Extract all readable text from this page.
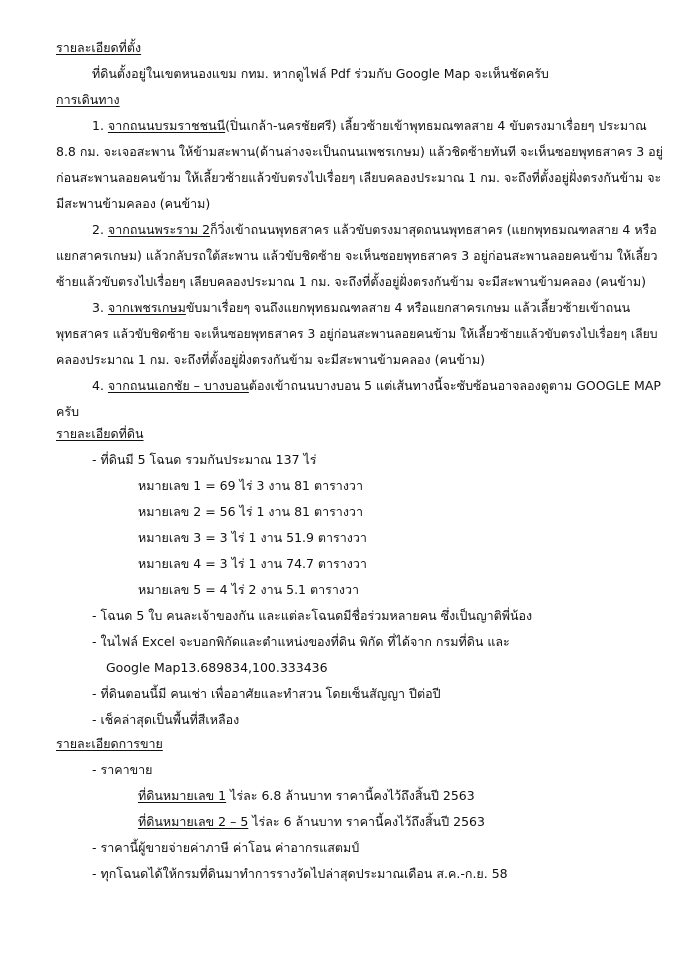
รายละเอียดที่ตั้ง
ที่ดินตั้งอยู่ในเขตหนองแขม กทม. หากดูไฟล์ Pdf ร่วมกับ Google Map จะเห็นชัดครับ
การเดินทาง
1. จากถนนบรมราชชนนี (ปิ่นเกล้า-นครชัยศรี) เลี้ยวซ้ายเข้าพุทธมณฑลสาย 4 ขับตรงมาเรื่อยๆ ประมาณ
8.8 กม. จะเจอสะพาน ให้ข้ามสะพาน(ด้านล่างจะเป็นถนนเพชรเกษม) แล้วชิดซ้ายทันที จะเห็นซอยพุทธสาคร 3 อยู่
ก่อนสะพานลอยคนข้าม ให้เลี้ยวซ้ายแล้วขับตรงไปเรื่อยๆ เลียบคลองประมาณ 1 กม. จะถึงที่ตั้งอยู่ฝั่งตรงกันข้าม จะ
มีสะพานข้ามคลอง (คนข้าม)
2. จากถนนพระราม 2 ก็วิ่งเข้าถนนพุทธสาคร แล้วขับตรงมาสุดถนนพุทธสาคร (แยกพุทธมณฑลสาย 4 หรือ
แยกสาครเกษม) แล้วกลับรถใต้สะพาน แล้วขับชิดซ้าย จะเห็นซอยพุทธสาคร 3 อยู่ก่อนสะพานลอยคนข้าม ให้เลี้ยว
ซ้ายแล้วขับตรงไปเรื่อยๆ เลียบคลองประมาณ 1 กม. จะถึงที่ตั้งอยู่ฝั่งตรงกันข้าม จะมีสะพานข้ามคลอง (คนข้าม)
3. จากเพชรเกษม ขับมาเรื่อยๆ จนถึงแยกพุทธมณฑลสาย 4 หรือแยกสาครเกษม แล้วเลี้ยวซ้ายเข้าถนน
พุทธสาคร แล้วขับชิดซ้าย จะเห็นซอยพุทธสาคร 3 อยู่ก่อนสะพานลอยคนข้าม ให้เลี้ยวซ้ายแล้วขับตรงไปเรื่อยๆ เลียบ
คลองประมาณ 1 กม. จะถึงที่ตั้งอยู่ฝั่งตรงกันข้าม จะมีสะพานข้ามคลอง (คนข้าม)
4. จากถนนเอกชัย – บางบอน ต้องเข้าถนนบางบอน 5 แต่เส้นทางนี้จะซับซ้อนอาจลองดูตาม GOOGLE MAP
ครับ
รายละเอียดที่ดิน
- ที่ดินมี 5 โฉนด รวมกันประมาณ 137 ไร่
หมายเลข 1 = 69 ไร่ 3 งาน 81 ตารางวา
หมายเลข 2 = 56 ไร่ 1 งาน 81 ตารางวา
หมายเลข 3 = 3 ไร่ 1 งาน 51.9 ตารางวา
หมายเลข 4 = 3 ไร่ 1 งาน 74.7 ตารางวา
หมายเลข 5 = 4 ไร่ 2 งาน 5.1 ตารางวา
- โฉนด 5 ใบ คนละเจ้าของกัน และแต่ละโฉนดมีชื่อร่วมหลายคน ซึ่งเป็นญาติพี่น้อง
- ในไฟล์ Excel จะบอกพิกัดและตำแหน่งของที่ดิน พิกัด ที่ได้จาก กรมที่ดิน และ
Google Map13.689834,100.333436
- ที่ดินตอนนี้มี คนเช่า เพื่ออาศัยและทำสวน โดยเซ็นสัญญา ปีต่อปี
- เช็คล่าสุดเป็นพื้นที่สีเหลือง
รายละเอียดการขาย
- ราคาขาย
ที่ดินหมายเลข 1 ไร่ละ 6.8 ล้านบาท ราคานี้คงไว้ถึงสิ้นปี 2563
ที่ดินหมายเลข 2 – 5 ไร่ละ 6 ล้านบาท ราคานี้คงไว้ถึงสิ้นปี 2563
- ราคานี้ผู้ขายจ่ายค่าภาษี ค่าโอน ค่าอากรแสตมป์
- ทุกโฉนดได้ให้กรมที่ดินมาทำการรางวัดไปล่าสุดประมาณเดือน ส.ค.-ก.ย. 58
